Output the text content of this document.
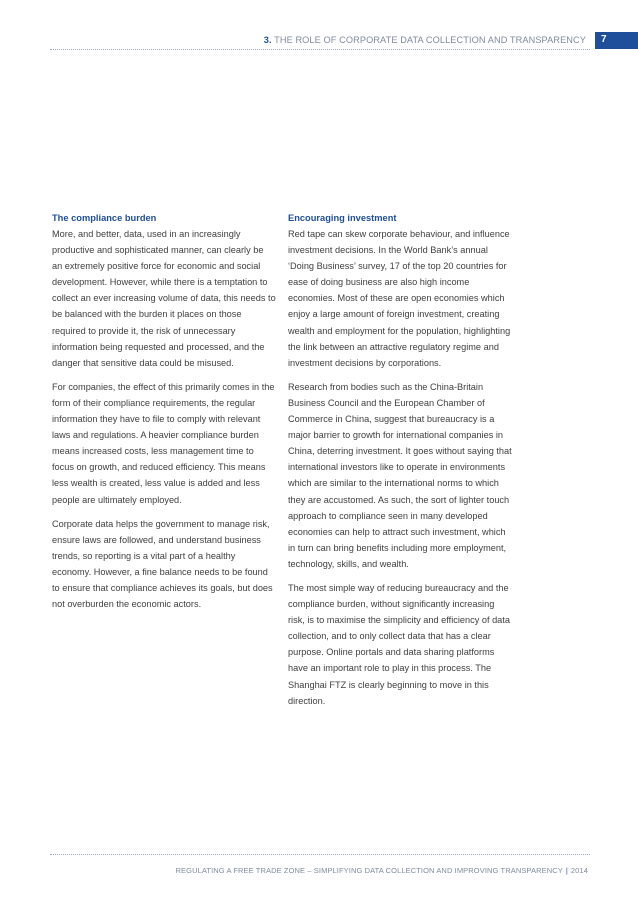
3. THE ROLE OF CORPORATE DATA COLLECTION AND TRANSPARENCY	7
The compliance burden

More, and better, data, used in an increasingly productive and sophisticated manner, can clearly be an extremely positive force for economic and social development. However, while there is a temptation to collect an ever increasing volume of data, this needs to be balanced with the burden it places on those required to provide it, the risk of unnecessary information being requested and processed, and the danger that sensitive data could be misused.

For companies, the effect of this primarily comes in the form of their compliance requirements, the regular information they have to file to comply with relevant laws and regulations. A heavier compliance burden means increased costs, less management time to focus on growth, and reduced efficiency. This means less wealth is created, less value is added and less people are ultimately employed.

Corporate data helps the government to manage risk, ensure laws are followed, and understand business trends, so reporting is a vital part of a healthy economy. However, a fine balance needs to be found to ensure that compliance achieves its goals, but does not overburden the economic actors.

Encouraging investment

Red tape can skew corporate behaviour, and influence investment decisions. In the World Bank’s annual ‘Doing Business’ survey, 17 of the top 20 countries for ease of doing business are also high income economies. Most of these are open economies which enjoy a large amount of foreign investment, creating wealth and employment for the population, highlighting the link between an attractive regulatory regime and investment decisions by corporations.

Research from bodies such as the China-Britain Business Council and the European Chamber of Commerce in China, suggest that bureaucracy is a major barrier to growth for international companies in China, deterring investment. It goes without saying that international investors like to operate in environments which are similar to the international norms to which they are accustomed. As such, the sort of lighter touch approach to compliance seen in many developed economies can help to attract such investment, which in turn can bring benefits including more employment, technology, skills, and wealth.

The most simple way of reducing bureaucracy and the compliance burden, without significantly increasing risk, is to maximise the simplicity and efficiency of data collection, and to only collect data that has a clear purpose. Online portals and data sharing platforms have an important role to play in this process. The Shanghai FTZ is clearly beginning to move in this direction.

REGULATING A FREE TRADE ZONE – SIMPLIFYING DATA COLLECTION AND IMPROVING TRANSPARENCY | 2014
